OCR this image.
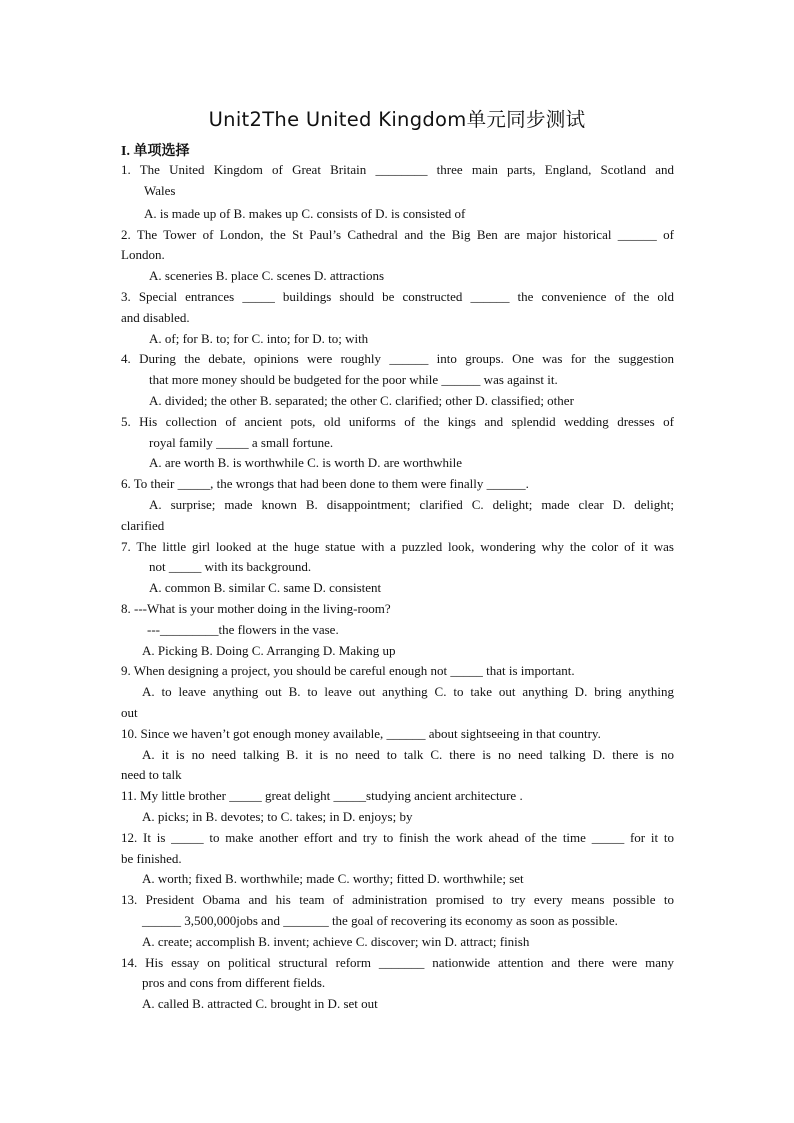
Unit2The United Kingdom单元同步测试
I. 单项选择
1. The United Kingdom of Great Britain ________ three main parts, England, Scotland and
Wales
A. is made up of B. makes up C. consists of D. is consisted of
2. The Tower of London, the St Paul’s Cathedral and the Big Ben are major historical ______ of
London.
A. sceneries B. place C. scenes D. attractions
3. Special entrances _____ buildings should be constructed ______ the convenience of the old
and disabled.
A. of; for B. to; for C. into; for D. to; with
4. During the debate, opinions were roughly ______ into groups. One was for the suggestion
that more money should be budgeted for the poor while ______ was against it.
A. divided; the other B. separated; the other C. clarified; other D. classified; other
5. His collection of ancient pots, old uniforms of the kings and splendid wedding dresses of
royal family _____ a small fortune.
A. are worth B. is worthwhile C. is worth D. are worthwhile
6. To their _____, the wrongs that had been done to them were finally ______.
A. surprise; made known B. disappointment; clarified C. delight; made clear D. delight;
clarified
7. The little girl looked at the huge statue with a puzzled look, wondering why the color of it was
not _____ with its background.
A. common B. similar C. same D. consistent
8. ---What is your mother doing in the living-room?
---_________the flowers in the vase.
A. Picking B. Doing C. Arranging D. Making up
9. When designing a project, you should be careful enough not _____ that is important.
A. to leave anything out B. to leave out anything C. to take out anything D. bring anything
out
10. Since we haven’t got enough money available, ______ about sightseeing in that country.
A. it is no need talking B. it is no need to talk C. there is no need talking D. there is no
need to talk
11. My little brother _____ great delight _____studying ancient architecture .
A. picks; in B. devotes; to C. takes; in D. enjoys; by
12. It is _____ to make another effort and try to finish the work ahead of the time _____ for it to
be finished.
A. worth; fixed B. worthwhile; made C. worthy; fitted D. worthwhile; set
13. President Obama and his team of administration promised to try every means possible to
______ 3,500,000jobs and _______ the goal of recovering its economy as soon as possible.
A. create; accomplish B. invent; achieve C. discover; win D. attract; finish
14. His essay on political structural reform _______ nationwide attention and there were many
pros and cons from different fields.
A. called B. attracted C. brought in D. set out
